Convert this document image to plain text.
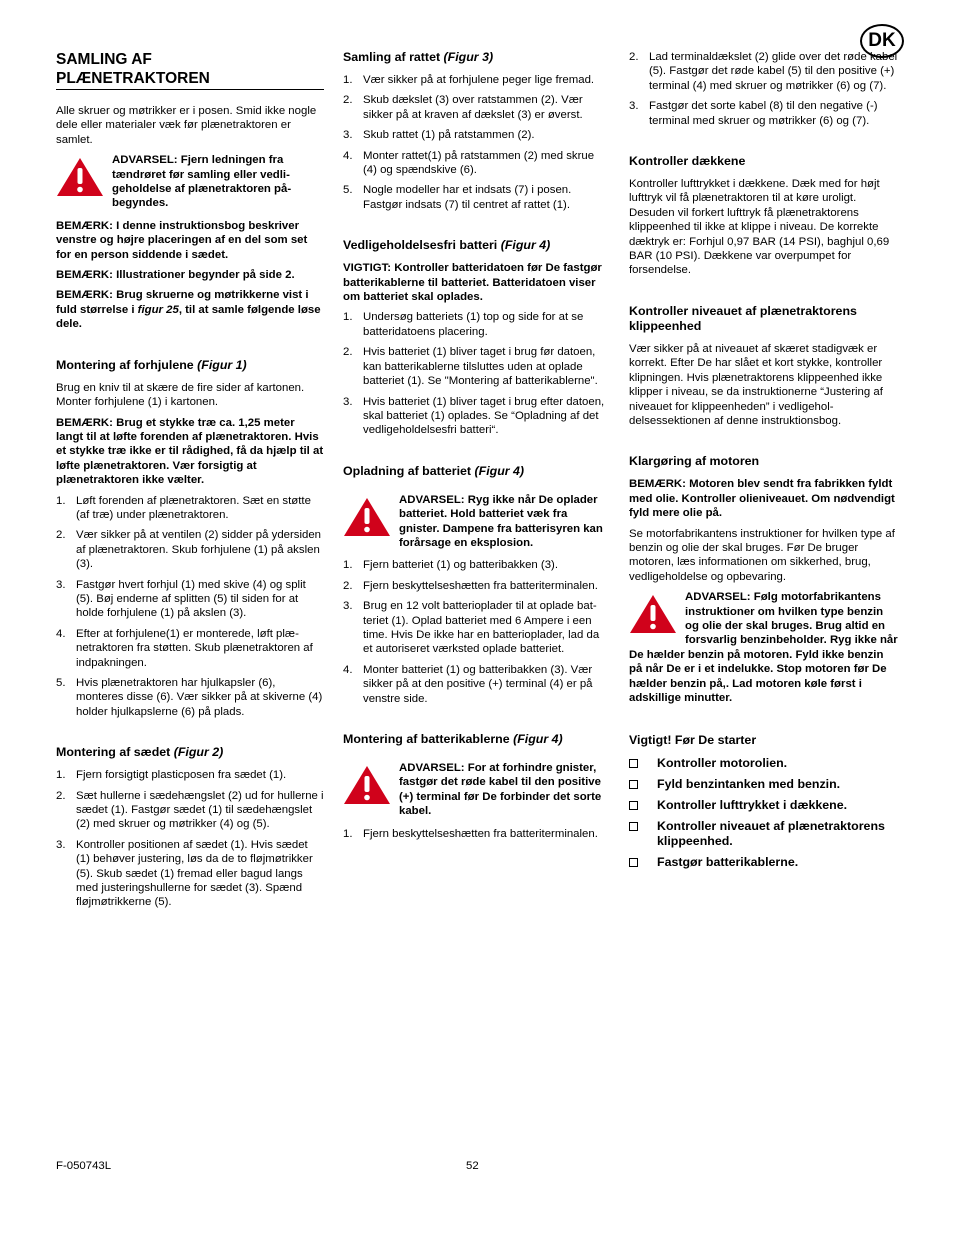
DK
SAMLING AF
PLÆNETRAKTOREN

Alle skruer og møtrikker er i posen. Smid ikke nogle dele eller materialer væk før plænetraktoren er samlet.

ADVARSEL: Fjern ledningen fra tændrøret før samling eller vedligeholdelse af plænetraktoren påbegyndes.

BEMÆRK: I denne instruktionsbog beskriver venstre og højre placeringen af en del som set for en person siddende i sædet.

BEMÆRK: Illustrationer begynder på side 2.

BEMÆRK: Brug skruerne og møtrikkerne vist i fuld størrelse i figur 25, til at samle følgende løse dele.

Montering af forhjulene (Figur 1)

Brug en kniv til at skære de fire sider af kartonen. Monter forhjulene (1) i kartonen.

BEMÆRK: Brug et stykke træ ca. 1,25 meter langt til at løfte forenden af plænetraktoren. Hvis et stykke træ ikke er til rådighed, få da hjælp til at løfte plænetraktoren. Vær forsigtig at plænetraktoren ikke vælter.

1. Løft forenden af plænetraktoren. Sæt en støtte (af træ) under plænetraktoren.
2. Vær sikker på at ventilen (2) sidder på ydersiden af plænetraktoren. Skub forhjulene (1) på akslen (3).
3. Fastgør hvert forhjul (1) med skive (4) og split (5). Bøj enderne af splitten (5) til siden for at holde forhjulene (1) på akslen (3).
4. Efter at forhjulene(1) er monterede, løft plænetraktoren fra støtten. Skub plænetraktoren af indpakningen.
5. Hvis plænetraktoren har hjulkapsler (6), monteres disse (6). Vær sikker på at skiverne (4) holder hjulkapslerne (6) på plads.
Montering af sædet (Figur 2)
1. Fjern forsigtigt plasticposen fra sædet (1).
2. Sæt hullerne i sædehængslet (2) ud for hullerne i sædet (1). Fastgør sædet (1) til sædehængslet (2) med skruer og møtrikker (4) og (5).
3. Kontroller positionen af sædet (1). Hvis sædet (1) behøver justering, løs da de to fløjmøtrikker (5). Skub sædet (1) fremad eller bagud langs med justeringshullerne for sædet (3). Spænd fløjmøtrikkerne (5).
Samling af rattet (Figur 3)
1. Vær sikker på at forhjulene peger lige fremad.
2. Skub dækslet (3) over ratstammen (2). Vær sikker på at kraven af dækslet (3) er øverst.
3. Skub rattet (1) på ratstammen (2).
4. Monter rattet(1) på ratstammen (2) med skrue (4) og spændskive (6).
5. Nogle modeller har et indsats (7) i posen. Fastgør indsats (7) til centret af rattet (1).
Vedligeholdelsesfri batteri (Figur 4)

VIGTIGT: Kontroller batteridatoen før De fastgør batterikablerne til batteriet. Batteridatoen viser om batteriet skal oplades.

1. Undersøg batteriets (1) top og side for at se batteridatoens placering.
2. Hvis batteriet (1) bliver taget i brug før datoen, kan batterikablerne tilsluttes uden at oplade batteriet (1). Se "Montering af batterikablerne".
3. Hvis batteriet (1) bliver taget i brug efter datoen, skal batteriet (1) oplades. Se “Opladning af det vedligeholdelsesfri batteri“.
Opladning af batteriet (Figur 4)
ADVARSEL: Ryg ikke når De oplader batteriet. Hold batteriet væk fra gnister. Dampene fra batterisyren kan forårsage en eksplosion.
1. Fjern batteriet (1) og batteribakken (3).
2. Fjern beskyttelseshætten fra batteriterminalen.
3. Brug en 12 volt batterioplader til at oplade batteriet (1). Oplad batteriet med 6 Ampere i een time. Hvis De ikke har en batterioplader, lad da et autoriseret værksted oplade batteriet.
4. Monter batteriet (1) og batteribakken (3). Vær sikker på at den positive (+) terminal (4) er på venstre side.
Montering af batterikablerne (Figur 4)
ADVARSEL: For at forhindre gnister, fastgør det røde kabel til den positive (+) terminal før De forbinder det sorte kabel.
1. Fjern beskyttelseshætten fra batteriterminalen.
2. Lad terminaldækslet (2) glide over det røde kabel (5). Fastgør det røde kabel (5) til den positive (+) terminal (4) med skruer og møtrikker (6) og (7).
3. Fastgør det sorte kabel (8) til den negative (-) terminal med skruer og møtrikker (6) og (7).
Kontroller dækkene

Kontroller lufttrykket i dækkene. Dæk med for højt lufttryk vil få plænetraktoren til at køre uroligt. Desuden vil forkert lufttryk få plænetraktorens klippeenhed til ikke at klippe i niveau. De korrekte dæktryk er: Forhjul 0,97 BAR (14 PSI), baghjul 0,69 BAR (10 PSI). Dækkene var overpumpet for forsendelse.

Kontroller niveauet af plænetraktorens klippeenhed

Vær sikker på at niveauet af skæret stadigvæk er korrekt. Efter De har slået et kort stykke, kontroller klipningen. Hvis plænetraktorens klippeenhed ikke klipper i niveau, se da instruktionerne “Justering af niveauet for klippeenheden” i vedligeholdelsessektionen af denne instruktionsbog.

Klargøring af motoren

BEMÆRK: Motoren blev sendt fra fabrikken fyldt med olie. Kontroller olieniveauet. Om nødvendigt fyld mere olie på.

Se motorfabrikantens instruktioner for hvilken type af benzin og olie der skal bruges. Før De bruger motoren, læs informationen om sikkerhed, brug, vedligeholdelse og opbevaring.

ADVARSEL: Følg motorfabrikantens instruktioner om hvilken type benzin og olie der skal bruges. Brug altid en forsvarlig benzinbeholder. Ryg ikke når De hælder benzin på motoren. Fyld ikke benzin på når De er i et indelukke. Stop motoren før De hælder benzin på,. Lad motoren køle først i adskillige minutter.
Vigtigt! Før De starter
Kontroller motorolien.
Fyld benzintanken med benzin.
Kontroller lufttrykket i dækkene.
Kontroller niveauet af plænetraktorens klippeenhed.
Fastgør batterikablerne.
F-050743L	52
